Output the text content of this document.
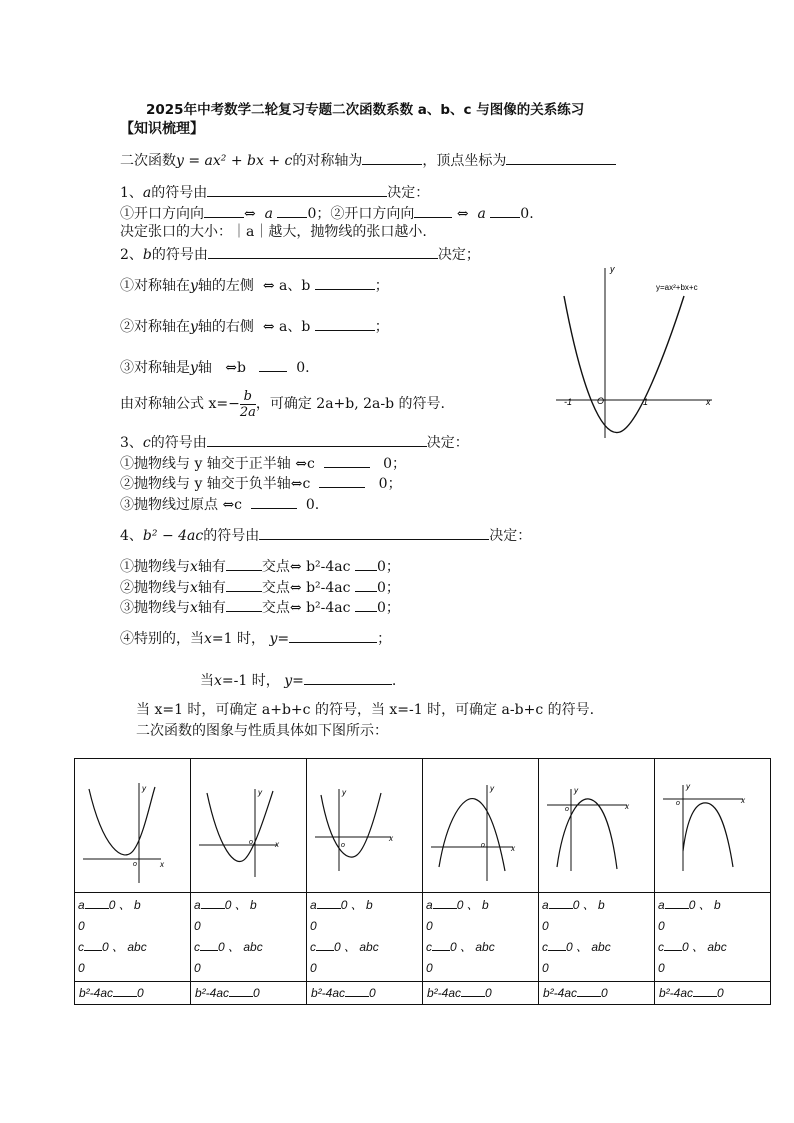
2025年中考数学二轮复习专题二次函数系数 a、b、c 与图像的关系练习
【知识梳理】
二次函数y = ax² + bx + c的对称轴为	，顶点坐标为
1、a的符号由	决定：
①开口方向向	⇔ a 0；②开口方向向	⇔ a 0.
决定张口的大小：｜a｜越大，抛物线的张口越小.
2、b的符号由	决定；
①对称轴在y轴的左侧 ⇔ a、b	；
②对称轴在y轴的右侧 ⇔ a、b	；
③对称轴是y轴 ⇔b	0.
由对称轴公式 $x=- \frac{b}{2a}$ ，可确定 2a+b, 2a-b 的符号.
y
x
O
-1	1
y=ax²+bx+c
3、c的符号由	决定：
①抛物线与 y 轴交于正半轴 ⇔c	0；
②抛物线与 y 轴交于负半轴⇔c	0；
③抛物线过原点 ⇔c	0.
4、b² − 4ac的符号由	决定：
①抛物线与x轴有	交点⇔ b²-4ac 0；
②抛物线与x轴有	交点⇔ b²-4ac 0；
③抛物线与x轴有	交点⇔ b²-4ac 0；
④特别的，当x=1 时， y=	；
当x=-1 时， y=	.
当 x=1 时，可确定 a+b+c 的符号，当 x=-1 时，可确定 a-b+c 的符号.
二次函数的图象与性质具体如下图所示：
y
x
o	y
x
o	y
x
o	y
x
o	y
x
o	y
x
o

a 0 、 b
0
c 0 、 abc
0	a 0 、 b
0
c 0 、 abc
0	a 0 、 b
0
c 0 、 abc
0	a 0 、 b
0
c 0 、 abc
0	a 0 、 b
0
c 0 、 abc
0	a 0 、 b
0
c 0 、 abc
0
b²-4ac 0	b²-4ac 0	b²-4ac 0	b²-4ac 0	b²-4ac 0	b²-4ac 0
